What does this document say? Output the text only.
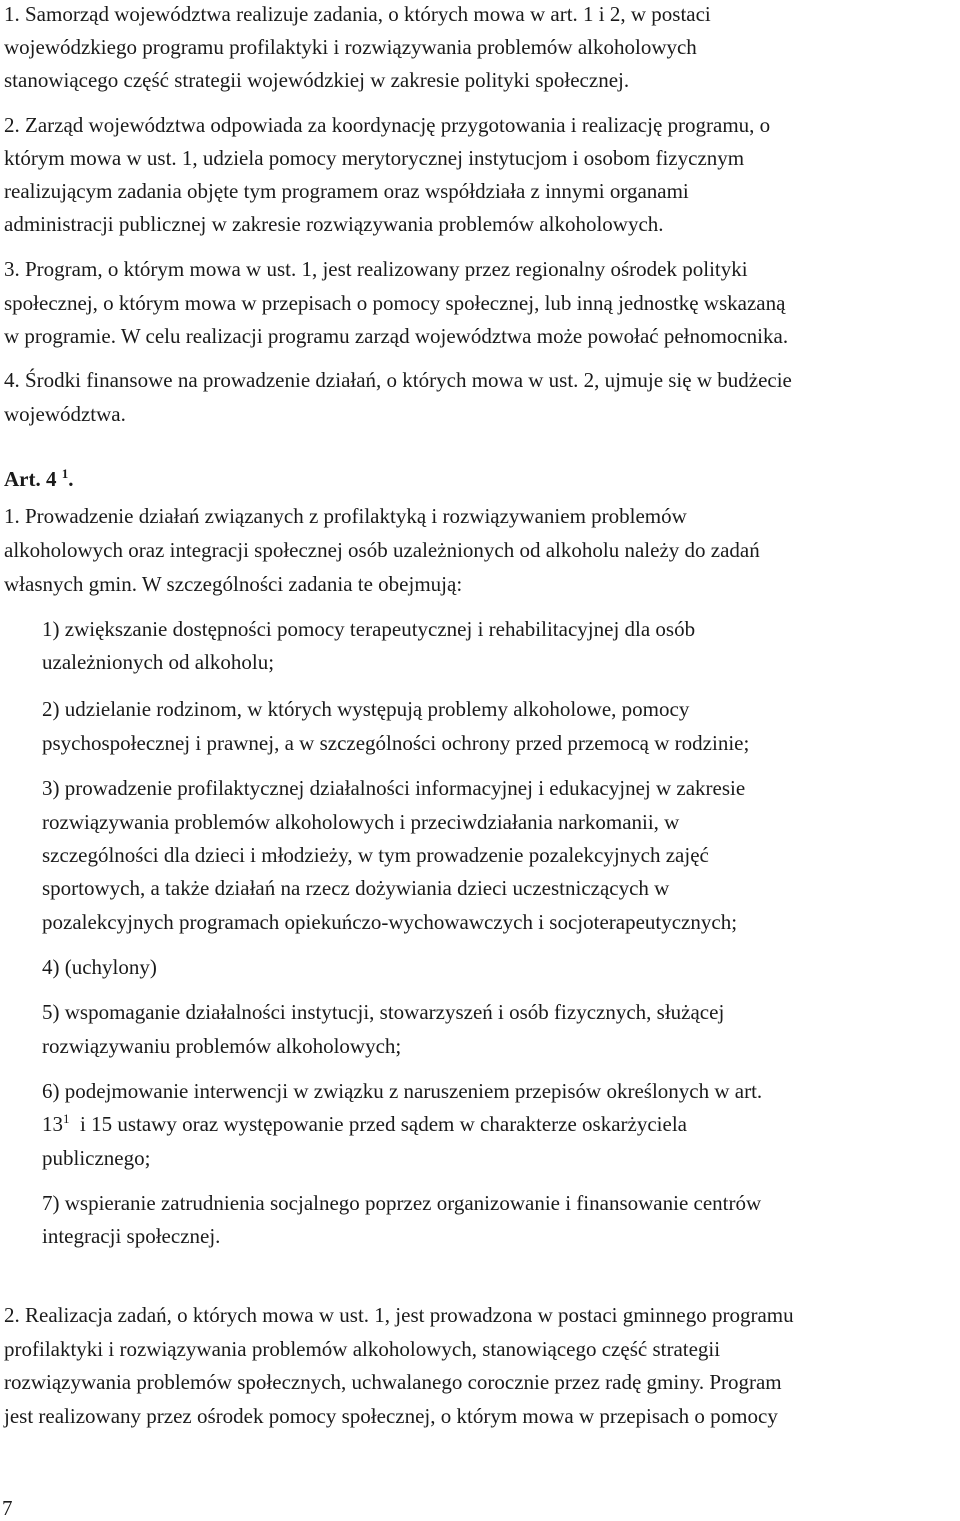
1. Samorząd województwa realizuje zadania, o których mowa w art. 1 i 2, w postaci
wojewódzkiego programu profilaktyki i rozwiązywania problemów alkoholowych
stanowiącego część strategii wojewódzkiej w zakresie polityki społecznej.
2. Zarząd województwa odpowiada za koordynację przygotowania i realizację programu, o
którym mowa w ust. 1, udziela pomocy merytorycznej instytucjom i osobom fizycznym
realizującym zadania objęte tym programem oraz współdziała z innymi organami
administracji publicznej w zakresie rozwiązywania problemów alkoholowych.
3. Program, o którym mowa w ust. 1, jest realizowany przez regionalny ośrodek polityki
społecznej, o którym mowa w przepisach o pomocy społecznej, lub inną jednostkę wskazaną
w programie. W celu realizacji programu zarząd województwa może powołać pełnomocnika.
4. Środki finansowe na prowadzenie działań, o których mowa w ust. 2, ujmuje się w budżecie
województwa.
Art. 4 $^1$.
1. Prowadzenie działań związanych z profilaktyką i rozwiązywaniem problemów
alkoholowych oraz integracji społecznej osób uzależnionych od alkoholu należy do zadań
własnych gmin. W szczególności zadania te obejmują:
1) zwiększanie dostępności pomocy terapeutycznej i rehabilitacyjnej dla osób
uzależnionych od alkoholu;
2) udzielanie rodzinom, w których występują problemy alkoholowe, pomocy
psychospołecznej i prawnej, a w szczególności ochrony przed przemocą w rodzinie;
3) prowadzenie profilaktycznej działalności informacyjnej i edukacyjnej w zakresie
rozwiązywania problemów alkoholowych i przeciwdziałania narkomanii, w
szczególności dla dzieci i młodzieży, w tym prowadzenie pozalekcyjnych zajęć
sportowych, a także działań na rzecz dożywiania dzieci uczestniczących w
pozalekcyjnych programach opiekuńczo-wychowawczych i socjoterapeutycznych;
4) (uchylony)
5) wspomaganie działalności instytucji, stowarzyszeń i osób fizycznych, służącej
rozwiązywaniu problemów alkoholowych;
6) podejmowanie interwencji w związku z naruszeniem przepisów określonych w art.
$13^1$ i 15 ustawy oraz występowanie przed sądem w charakterze oskarżyciela
publicznego;
7) wspieranie zatrudnienia socjalnego poprzez organizowanie i finansowanie centrów
integracji społecznej.
2. Realizacja zadań, o których mowa w ust. 1, jest prowadzona w postaci gminnego programu
profilaktyki i rozwiązywania problemów alkoholowych, stanowiącego część strategii
rozwiązywania problemów społecznych, uchwalanego corocznie przez radę gminy. Program
jest realizowany przez ośrodek pomocy społecznej, o którym mowa w przepisach o pomocy
7
